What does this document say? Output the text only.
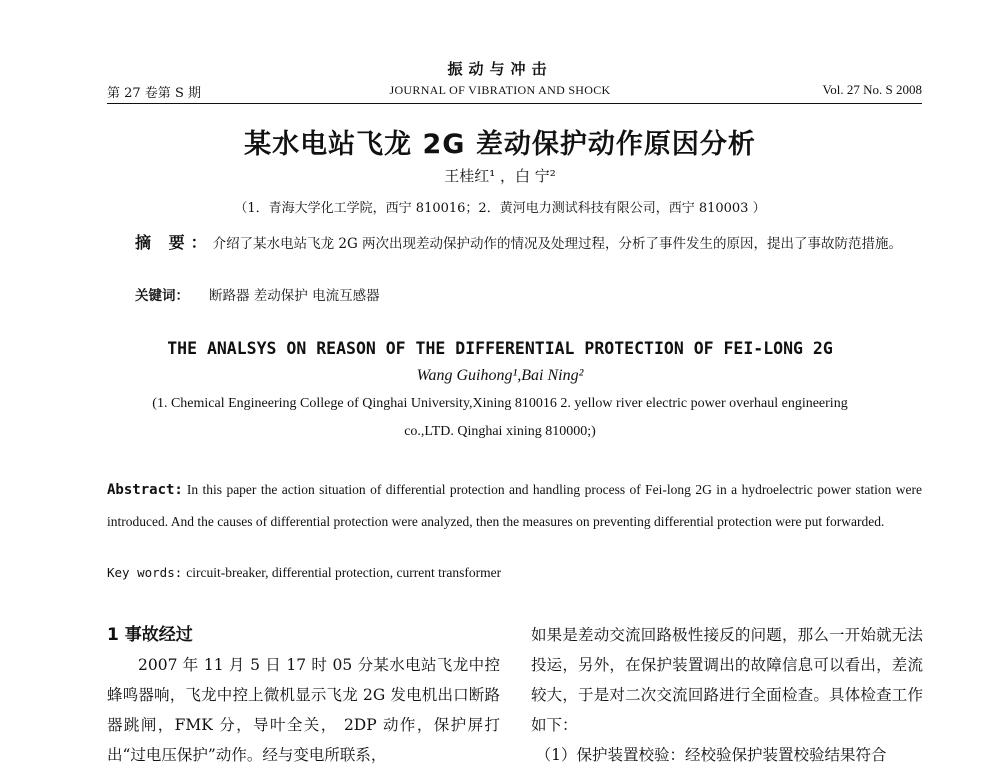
振动与冲击
第 27 卷第 S 期	JOURNAL OF VIBRATION AND SHOCK	Vol. 27 No. S 2008
某水电站飞龙 2G 差动保护动作原因分析
王桂红¹ ，白 宁²
（1．青海大学化工学院，西宁 810016；2．黄河电力测试科技有限公司，西宁 810003 ）
摘 要：介绍了某水电站飞龙 2G 两次出现差动保护动作的情况及处理过程，分析了事件发生的原因，提出了事故防范措施。
关键词： 断路器 差动保护 电流互感器
THE ANALSYS ON REASON OF THE DIFFERENTIAL PROTECTION OF FEI-LONG 2G
Wang Guihong¹,Bai Ning²
(1. Chemical Engineering College of Qinghai University,Xining 810016 2. yellow river electric power overhaul engineering
co.,LTD. Qinghai xining 810000;)
Abstract: In this paper the action situation of differential protection and handling process of Fei-long 2G in a hydroelectric power station were introduced. And the causes of differential protection were analyzed, then the measures on preventing differential protection were put forwarded.
Key words: circuit-breaker, differential protection, current transformer
1 事故经过
2007 年 11 月 5 日 17 时 05 分某水电站飞龙中控蜂鸣器响，飞龙中控上微机显示飞龙 2G 发电机出口断路器跳闸，FMK 分，导叶全关， 2DP 动作，保护屏打出“过电压保护”动作。经与变电所联系，
如果是差动交流回路极性接反的问题，那么一开始就无法投运，另外，在保护装置调出的故障信息可以看出，差流较大，于是对二次交流回路进行全面检查。具体检查工作如下：
（1）保护装置校验：经校验保护装置校验结果符合
